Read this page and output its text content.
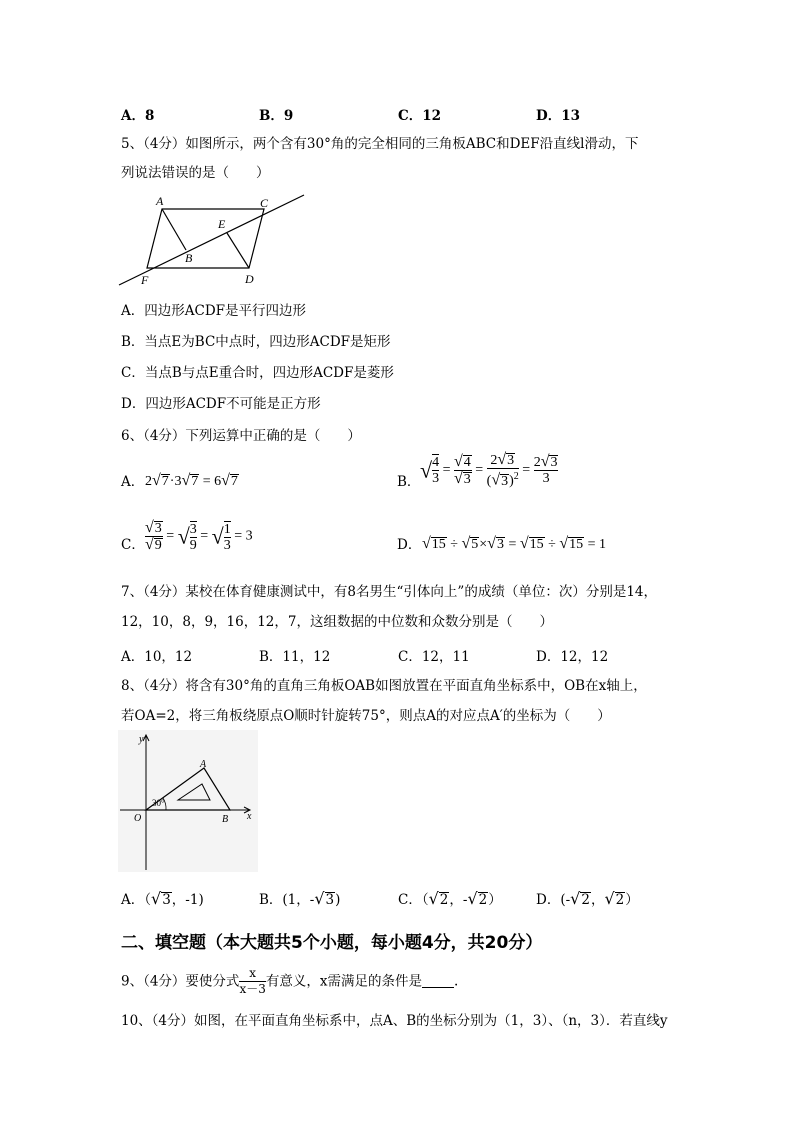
A．8	B．9	C．12	D．13
5、（4分）如图所示，两个含有30°角的完全相同的三角板ABC和DEF沿直线l滑动，下
列说法错误的是（　　）
A	C
E
B
D
F
A．四边形ACDF是平行四边形
B．当点E为BC中点时，四边形ACDF是矩形
C．当点B与点E重合时，四边形ACDF是菱形
D．四边形ACDF不可能是正方形
6、（4分）下列运算中正确的是（　　）
A． 2√7·3√7 = 6√7	B． √ $\frac{4}{3} = \frac{√4}{√3} = \frac{2√3}{(√3)^2} = \frac{2√3}{3}$
C． $\frac{√3}{√9}$ = √ $\frac{3}{9}$ = √ $\frac{1}{3} = 3$
D． √15 ÷ √5×√3 = √15 ÷ √15 = 1
7、（4分）某校在体育健康测试中，有8名男生“引体向上”的成绩（单位：次）分别是14，
12，10，8，9，16，12，7，这组数据的中位数和众数分别是（　　）
A．10，12	B．11，12	C．12，11	D．12，12
8、（4分）将含有30°角的直角三角板OAB如图放置在平面直角坐标系中，OB在x轴上，
若OA=2，将三角板绕原点O顺时针旋转75°，则点A的对应点A′的坐标为（　　）
y
x
O
A
B
30°
A．（√3，-1)	B．(1，-√3)	C．（√2，-√2）	D．(-√2，√2）
二、填空题（本大题共5个小题，每小题4分，共20分）
9、（4分）要使分式 $\frac{x}{x-3}$ 有意义，x需满足的条件是 .
10、（4分）如图，在平面直角坐标系中，点A、B的坐标分别为（1，3）、（n，3）．若直线y
